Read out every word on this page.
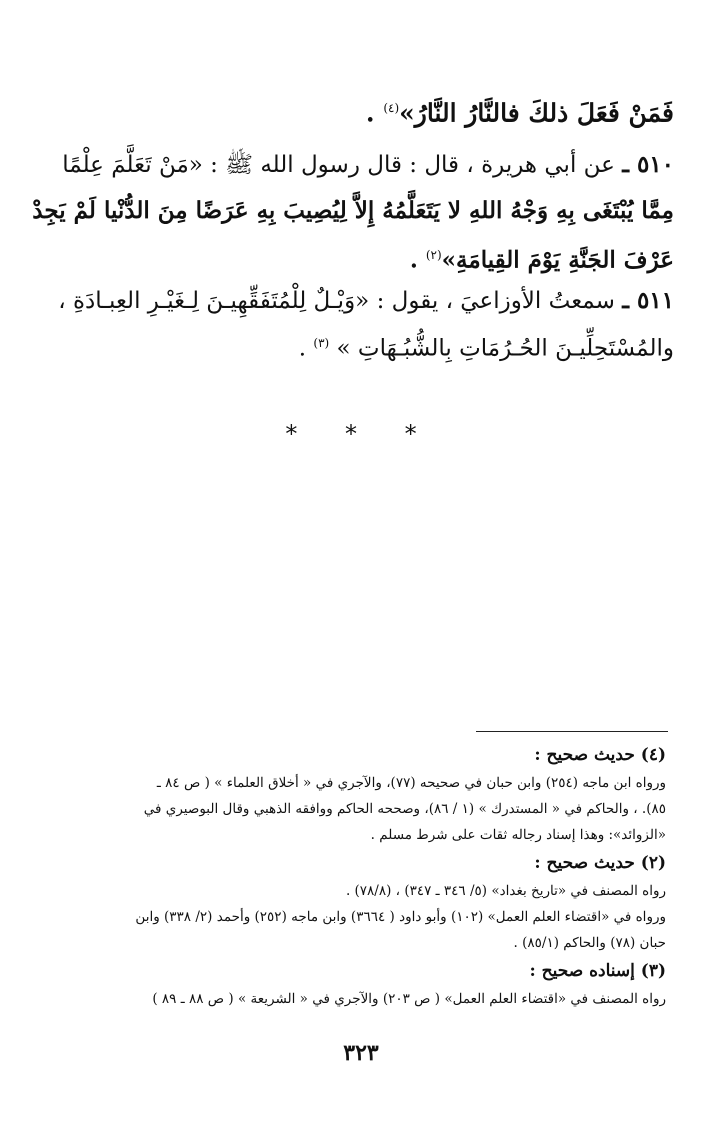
فَمَنْ فَعَلَ ذلكَ فالنَّارُ النَّارُ»$^{(٤)}$ .

٥١٠ ـ عن أبي هريرة ، قال : قال رسول الله ﷺ : «مَنْ تَعَلَّمَ عِلْمًا

مِمَّا يُبْتَغَى بِهِ وَجْهُ اللهِ لا يَتَعَلَّمُهُ إِلاَّ لِيُصِيبَ بِهِ عَرَضًا مِنَ الدُّنْيا لَمْ يَجِدْ

عَرْفَ الجَنَّةِ يَوْمَ القِيامَةِ»$^{(٢)}$ .

٥١١ ـ سمعتُ الأوزاعيَ ، يقول : «وَيْـلٌ لِلْمُتَفَقِّهِيـنَ لِـغَيْـرِ العِبـادَةِ ،

والمُسْتَحِلِّيـنَ الحُـرُمَاتِ بِالشُّبُـهَاتِ » $^{(٣)}$ .

* * *

(٤) حديث صحيح :

ورواه ابن ماجه (٢٥٤) وابن حبان في صحيحه (٧٧)، والآجري في « أخلاق العلماء » ( ص ٨٤ ـ

٨٥). ، والحاكم في « المستدرك » (١ / ٨٦)، وصححه الحاكم ووافقه الذهبي وقال البوصيري في

«الزوائد»: وهذا إسناد رجاله ثقات على شرط مسلم .

(٢) حديث صحيح :

رواه المصنف في «تاريخ بغداد» (٥/ ٣٤٦ ـ ٣٤٧) ، (٧٨/٨) .

ورواه في «اقتضاء العلم العمل» (١٠٢) وأبو داود ( ٣٦٦٤) وابن ماجه (٢٥٢) وأحمد (٢/ ٣٣٨) وابن

حبان (٧٨) والحاكم (٨٥/١) .

(٣) إسناده صحيح :

رواه المصنف في «اقتضاء العلم العمل» ( ص ٢٠٣) والآجري في « الشريعة » ( ص ٨٨ ـ ٨٩ )

٣٢٣
